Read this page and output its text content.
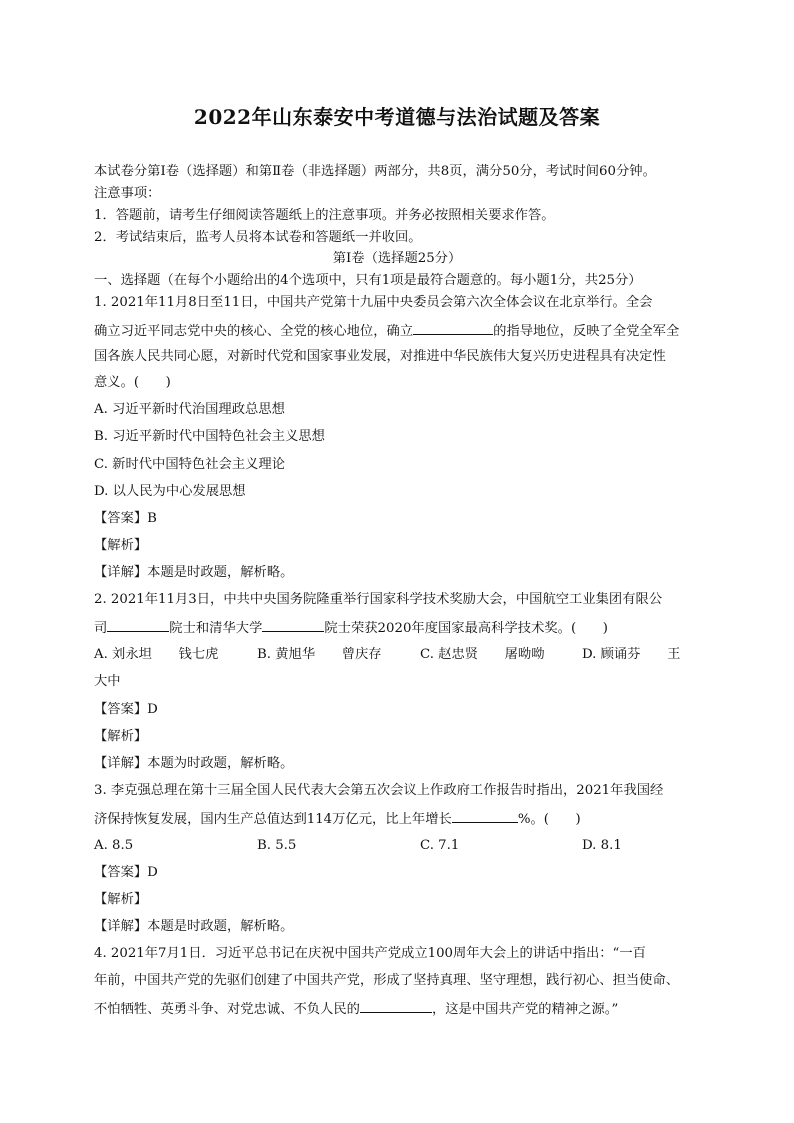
2022年山东泰安中考道德与法治试题及答案
本试卷分第Ⅰ卷（选择题）和第Ⅱ卷（非选择题）两部分，共8页，满分50分，考试时间60分钟。
注意事项：
1．答题前，请考生仔细阅读答题纸上的注意事项。并务必按照相关要求作答。
2．考试结束后，监考人员将本试卷和答题纸一并收回。
第Ⅰ卷（选择题25分）
一、选择题（在每个小题给出的4个选项中，只有1项是最符合题意的。每小题1分，共25分）
1. 2021年11月8日至11日，中国共产党第十九届中央委员会第六次全体会议在北京举行。全会
确立习近平同志党中央的核心、全党的核心地位，确立	的指导地位，反映了全党全军全
国各族人民共同心愿，对新时代党和国家事业发展，对推进中华民族伟大复兴历史进程具有决定性
意义。(　　)
A. 习近平新时代治国理政总思想
B. 习近平新时代中国特色社会主义思想
C. 新时代中国特色社会主义理论
D. 以人民为中心发展思想
【答案】B
【解析】
【详解】本题是时政题，解析略。
2. 2021年11月3日，中共中央国务院隆重举行国家科学技术奖励大会，中国航空工业集团有限公
司	院士和清华大学	院士荣获2020年度国家最高科学技术奖。(　　)
A. 刘永坦　　钱七虎	B. 黄旭华　　曾庆存	C. 赵忠贤　　屠呦呦	D. 顾诵芬　　王
大中
【答案】D
【解析】
【详解】本题为时政题，解析略。
3. 李克强总理在第十三届全国人民代表大会第五次会议上作政府工作报告时指出，2021年我国经
济保持恢复发展，国内生产总值达到114万亿元，比上年增长	%。(　　)
A. 8.5	B. 5.5	C. 7.1	D. 8.1
【答案】D
【解析】
【详解】本题是时政题，解析略。
4. 2021年7月1日．习近平总书记在庆祝中国共产党成立100周年大会上的讲话中指出：“一百
年前，中国共产党的先驱们创建了中国共产党，形成了坚持真理、坚守理想，践行初心、担当使命、
不怕牺牲、英勇斗争、对党忠诚、不负人民的	，这是中国共产党的精神之源。”
